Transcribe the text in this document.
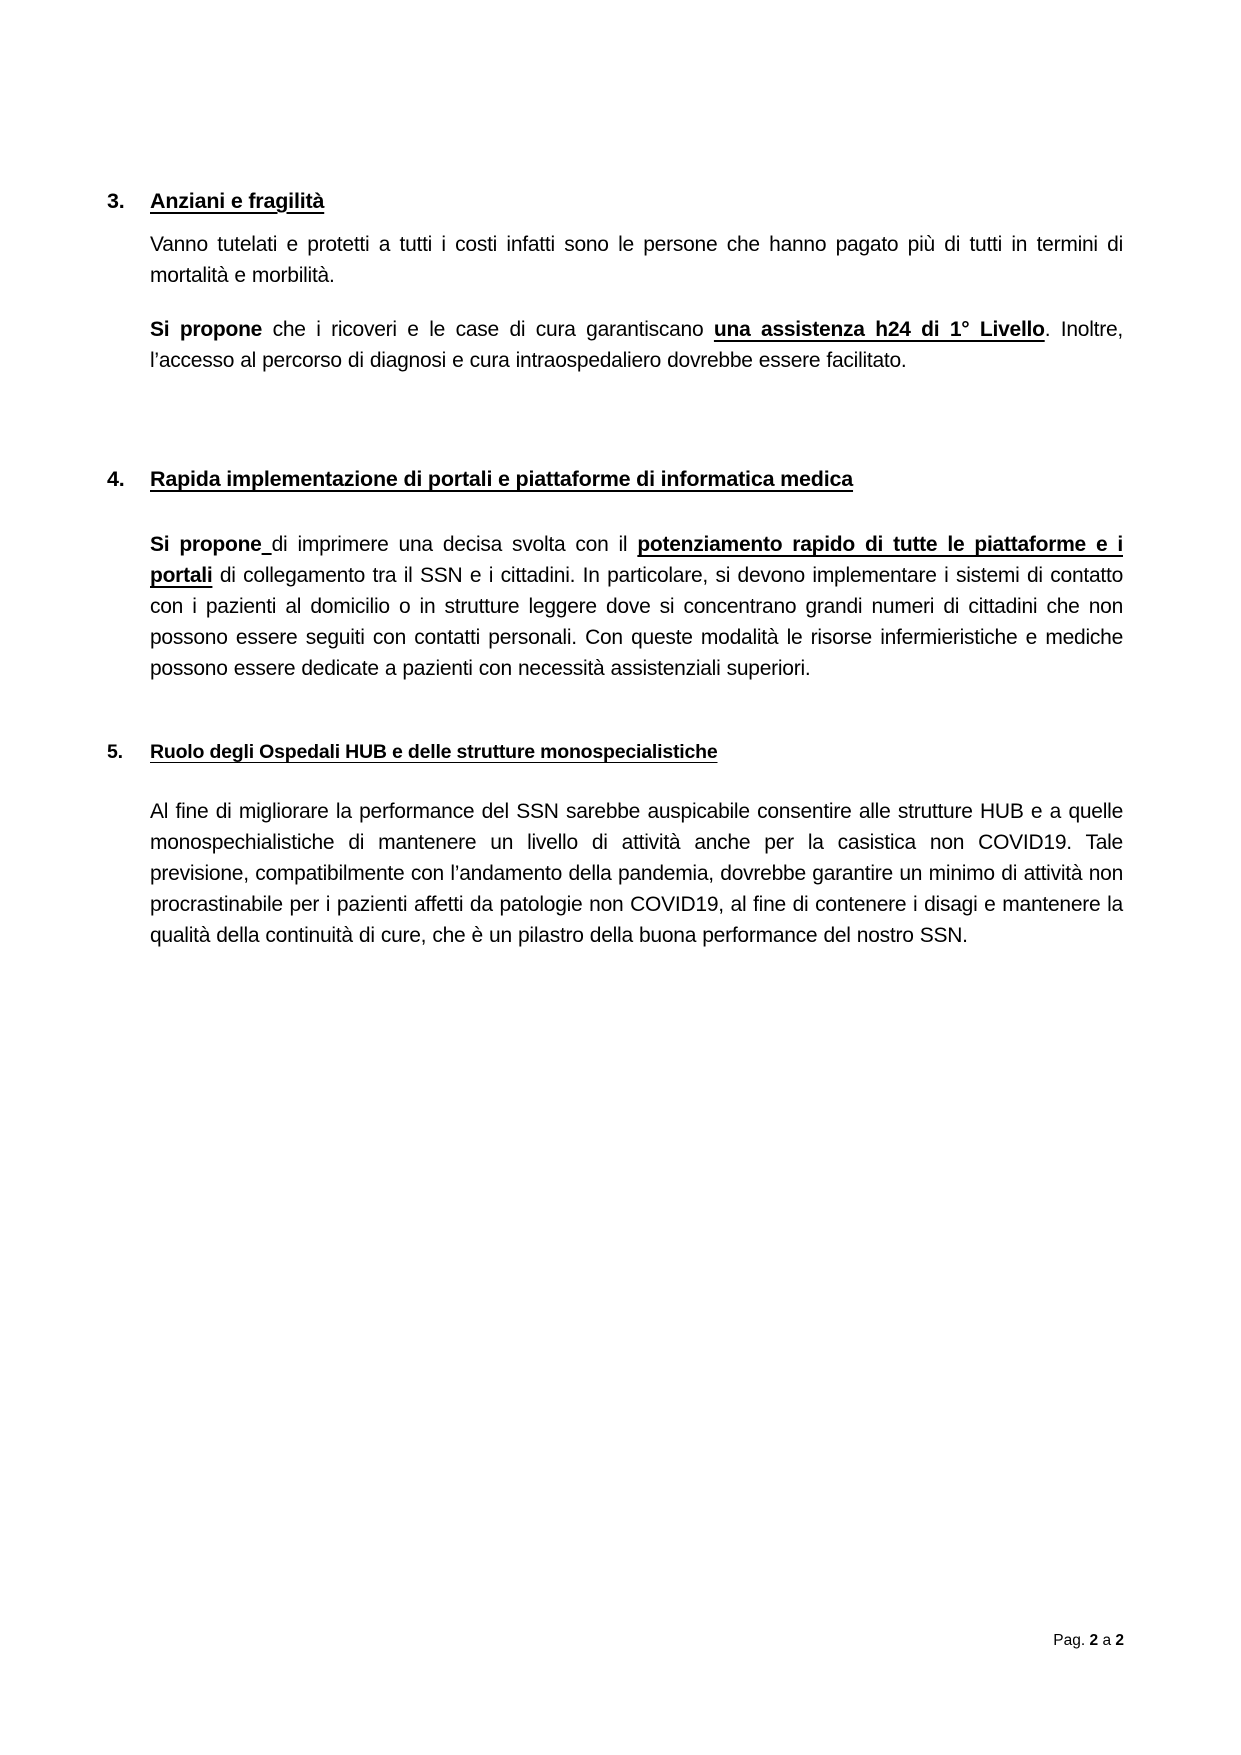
3.	Anziani e fragilità
Vanno tutelati e protetti a tutti i costi infatti sono le persone che hanno pagato più di tutti in termini di mortalità e morbilità.
Si propone che i ricoveri e le case di cura garantiscano una assistenza h24 di 1° Livello. Inoltre, l’accesso al percorso di diagnosi e cura intraospedaliero dovrebbe essere facilitato.
4.	Rapida implementazione di portali e piattaforme di informatica medica
Si propone di imprimere una decisa svolta con il potenziamento rapido di tutte le piattaforme e i portali di collegamento tra il SSN e i cittadini. In particolare, si devono implementare i sistemi di contatto con i pazienti al domicilio o in strutture leggere dove si concentrano grandi numeri di cittadini che non possono essere seguiti con contatti personali. Con queste modalità le risorse infermieristiche e mediche possono essere dedicate a pazienti con necessità assistenziali superiori.
5.	Ruolo degli Ospedali HUB e delle strutture monospecialistiche
Al fine di migliorare la performance del SSN sarebbe auspicabile consentire alle strutture HUB e a quelle monospechialistiche di mantenere un livello di attività anche per la casistica non COVID19. Tale previsione, compatibilmente con l’andamento della pandemia, dovrebbe garantire un minimo di attività non procrastinabile per i pazienti affetti da patologie non COVID19, al fine di contenere i disagi e mantenere la qualità della continuità di cure, che è un pilastro della buona performance del nostro SSN.
Pag. 2 a 2
